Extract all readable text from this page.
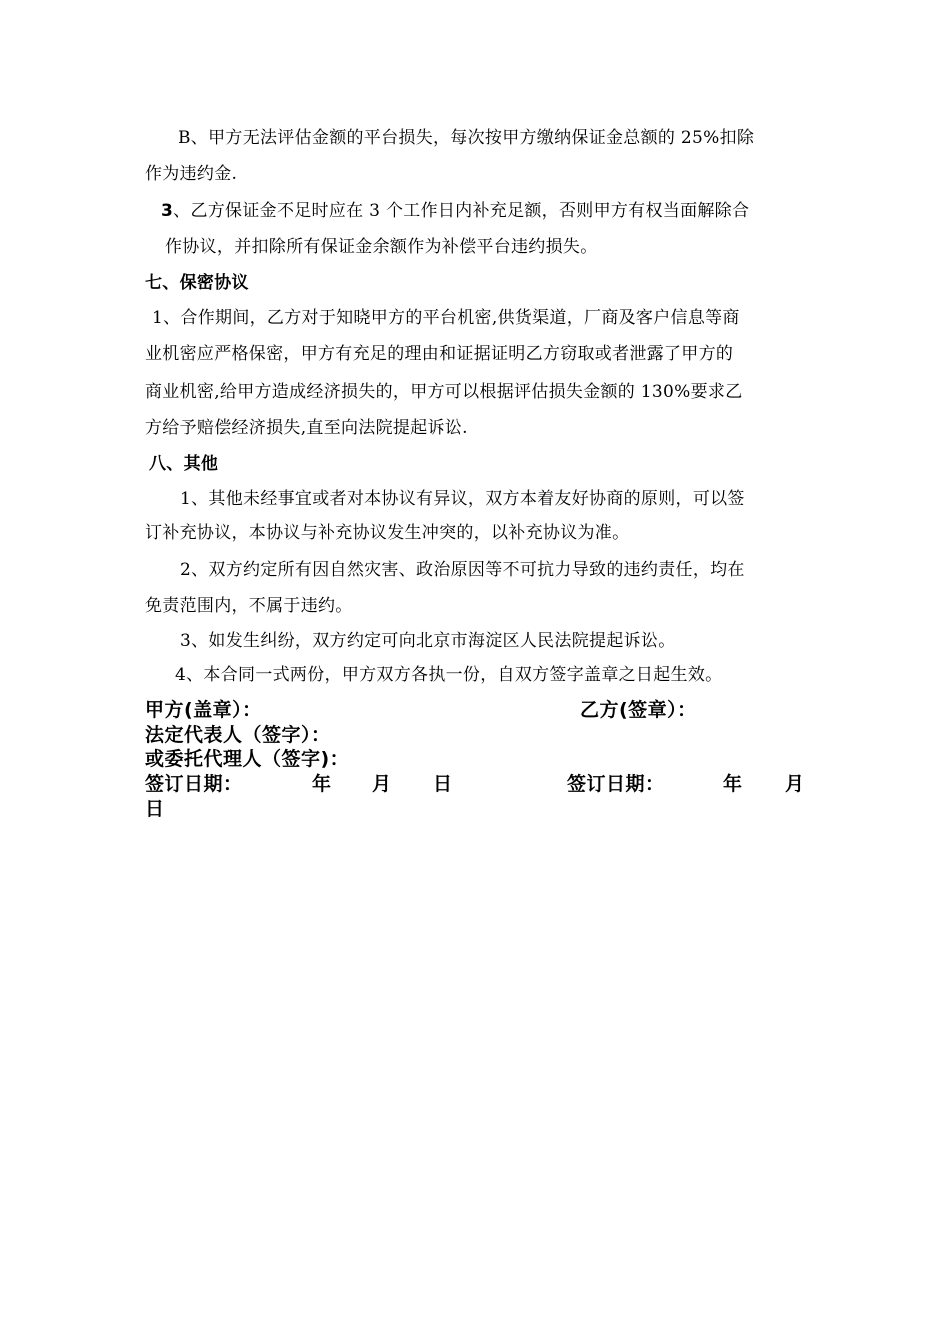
B、甲方无法评估金额的平台损失，每次按甲方缴纳保证金总额的 25%扣除
作为违约金.
3、乙方保证金不足时应在 3 个工作日内补充足额，否则甲方有权当面解除合
作协议，并扣除所有保证金余额作为补偿平台违约损失。
七、保密协议
1、合作期间，乙方对于知晓甲方的平台机密,供货渠道，厂商及客户信息等商
业机密应严格保密，甲方有充足的理由和证据证明乙方窃取或者泄露了甲方的
商业机密,给甲方造成经济损失的，甲方可以根据评估损失金额的 130%要求乙
方给予赔偿经济损失,直至向法院提起诉讼.
八、其他
1、其他未经事宜或者对本协议有异议，双方本着友好协商的原则，可以签
订补充协议，本协议与补充协议发生冲突的，以补充协议为准。
2、双方约定所有因自然灾害、政治原因等不可抗力导致的违约责任，均在
免责范围内，不属于违约。
3、如发生纠纷，双方约定可向北京市海淀区人民法院提起诉讼。
4、本合同一式两份，甲方双方各执一份，自双方签字盖章之日起生效。
甲方(盖章）：	乙方(签章）：
法定代表人（签字）：
或委托代理人（签字)：
签订日期：	年 月 日	签订日期：	年 月
日
